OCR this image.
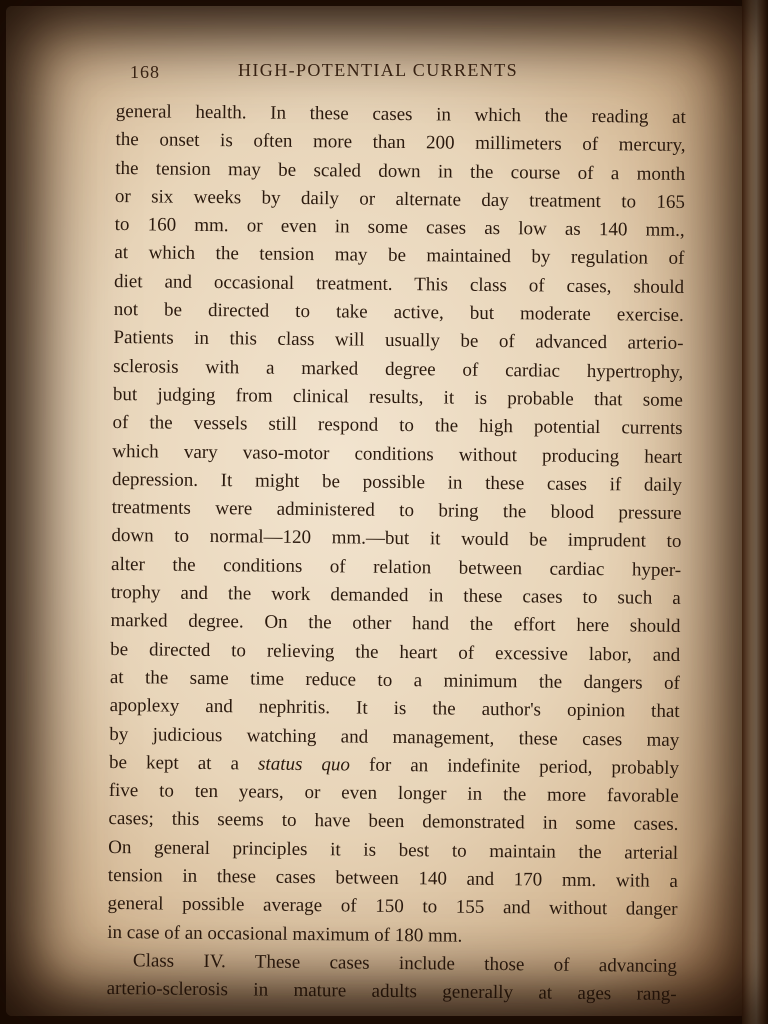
168	HIGH-POTENTIAL CURRENTS
general health. In these cases in which the reading at
the onset is often more than 200 millimeters of mercury,
the tension may be scaled down in the course of a month
or six weeks by daily or alternate day treatment to 165
to 160 mm. or even in some cases as low as 140 mm.,
at which the tension may be maintained by regulation of
diet and occasional treatment. This class of cases, should
not be directed to take active, but moderate exercise.
Patients in this class will usually be of advanced arterio-
sclerosis with a marked degree of cardiac hypertrophy,
but judging from clinical results, it is probable that some
of the vessels still respond to the high potential currents
which vary vaso-motor conditions without producing heart
depression. It might be possible in these cases if daily
treatments were administered to bring the blood pressure
down to normal—120 mm.—but it would be imprudent to
alter the conditions of relation between cardiac hyper-
trophy and the work demanded in these cases to such a
marked degree. On the other hand the effort here should
be directed to relieving the heart of excessive labor, and
at the same time reduce to a minimum the dangers of
apoplexy and nephritis. It is the author's opinion that
by judicious watching and management, these cases may
be kept at a status quo for an indefinite period, probably
five to ten years, or even longer in the more favorable
cases; this seems to have been demonstrated in some cases.
On general principles it is best to maintain the arterial
tension in these cases between 140 and 170 mm. with a
general possible average of 150 to 155 and without danger
in case of an occasional maximum of 180 mm.
Class IV. These cases include those of advancing
arterio-sclerosis in mature adults generally at ages rang-
